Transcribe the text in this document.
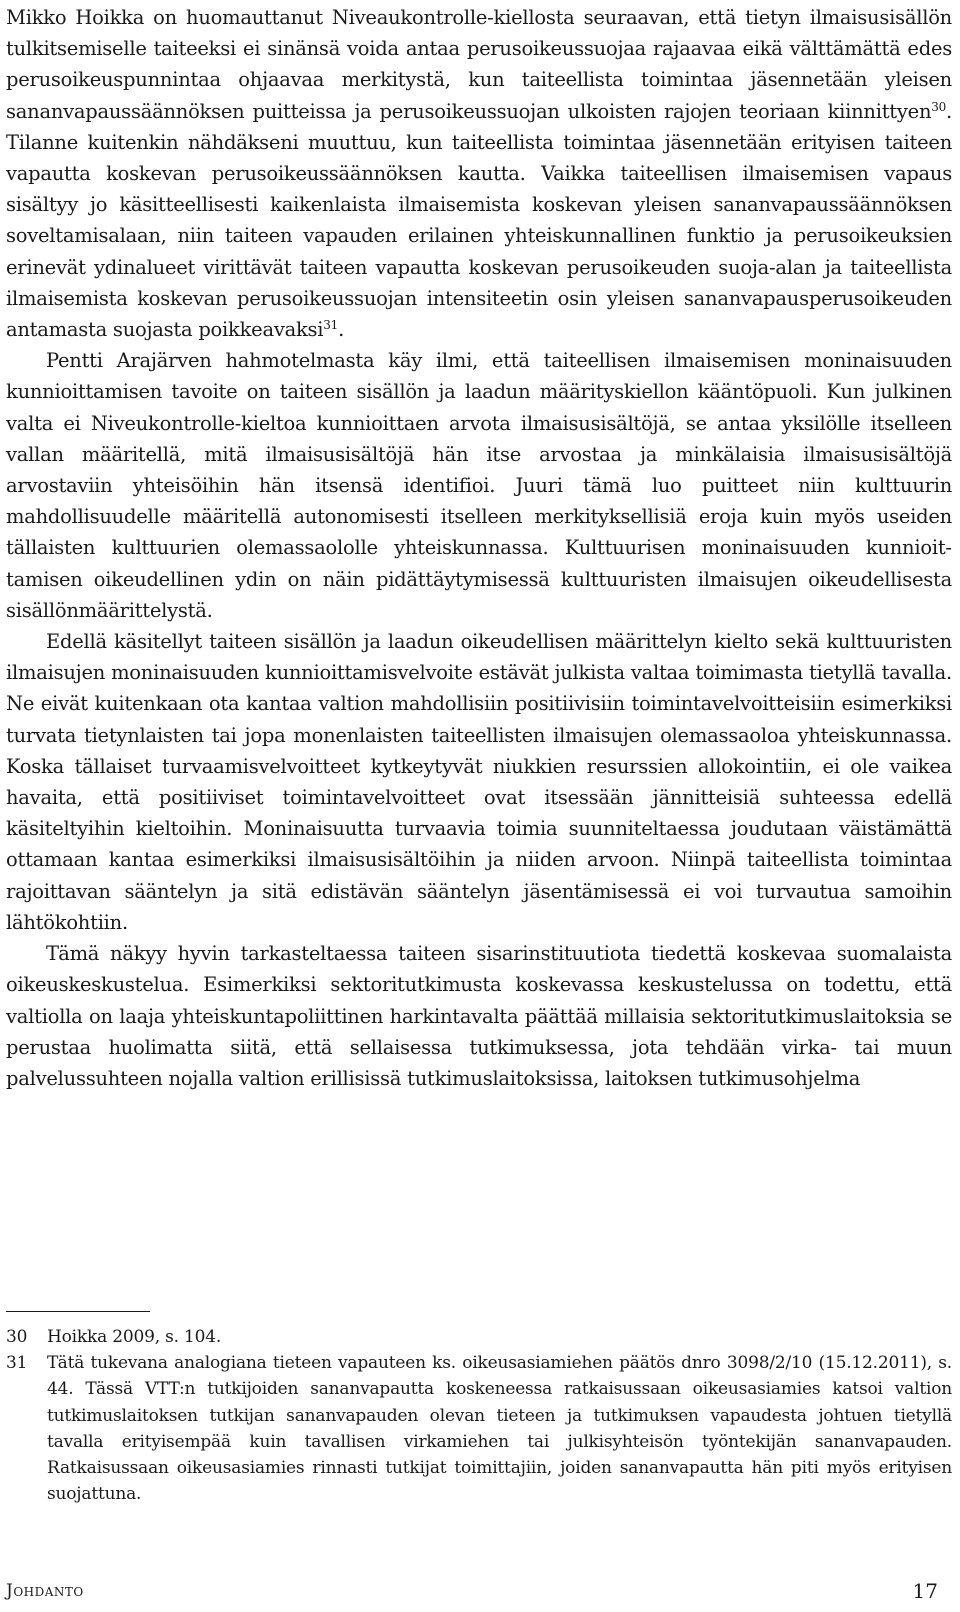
Mikko Hoikka on huomauttanut Niveaukontrolle-kiellosta seuraavan, että tietyn ilmaisusisällön tulkitsemiselle taiteeksi ei sinänsä voida antaa perusoikeussuojaa rajaavaa eikä välttämättä edes perusoikeuspunnintaa ohjaavaa merkitystä, kun taiteellista toimintaa jäsennetään yleisen sananvapaussäännöksen puitteissa ja perusoikeussuojan ulkoisten rajojen teoriaan kiinnittyen$^{30}$. Tilanne kuitenkin nähdäkseni muuttuu, kun taiteellista toimintaa jäsennetään erityisen taiteen vapautta koskevan perusoikeussäännöksen kautta. Vaikka taiteellisen ilmaisemisen vapaus sisältyy jo käsitteellisesti kaikenlaista ilmaisemista koskevan yleisen sananvapaussäännöksen soveltamisalaan, niin taiteen vapauden erilainen yhteiskunnallinen funktio ja perusoikeuksien erinevät ydinalueet virittävät taiteen vapautta koskevan perusoikeuden suoja-alan ja taiteellista ilmaisemista koskevan perusoikeussuojan intensiteetin osin yleisen sananvapausperusoikeuden antamasta suojasta poikkeavaksi$^{31}$.

Pentti Arajärven hahmotelmasta käy ilmi, että taiteellisen ilmaisemisen moninaisuuden kunnioittamisen tavoite on taiteen sisällön ja laadun määrityskiellon kääntöpuoli. Kun julkinen valta ei Niveukontrolle-kieltoa kunnioittaen arvota ilmaisusisältöjä, se antaa yksilölle itselleen vallan määritellä, mitä ilmaisusisältöjä hän itse arvostaa ja minkälaisia ilmaisusisältöjä arvostaviin yhteisöihin hän itsensä identifioi. Juuri tämä luo puitteet niin kulttuurin mahdollisuudelle määritellä autonomisesti itselleen merkityksellisiä eroja kuin myös useiden tällaisten kulttuurien olemassaololle yhteiskunnassa. Kulttuurisen moninaisuuden kunnioittamisen oikeudellinen ydin on näin pidättäytymisessä kulttuuristen ilmaisujen oikeudellisesta sisällönmäärittelystä.

Edellä käsitellyt taiteen sisällön ja laadun oikeudellisen määrittelyn kielto sekä kulttuuristen ilmaisujen moninaisuuden kunnioittamisvelvoite estävät julkista valtaa toimimasta tietyllä tavalla. Ne eivät kuitenkaan ota kantaa valtion mahdollisiin positiivisiin toimintavelvoitteisiin esimerkiksi turvata tietynlaisten tai jopa monenlaisten taiteellisten ilmaisujen olemassaoloa yhteiskunnassa. Koska tällaiset turvaamisvelvoitteet kytkeytyvät niukkien resurssien allokointiin, ei ole vaikea havaita, että positiiviset toimintavelvoitteet ovat itsessään jännitteisiä suhteessa edellä käsiteltyihin kieltoihin. Moninaisuutta turvaavia toimia suunniteltaessa joudutaan väistämättä ottamaan kantaa esimerkiksi ilmaisusisältöihin ja niiden arvoon. Niinpä taiteellista toimintaa rajoittavan sääntelyn ja sitä edistävän sääntelyn jäsentämisessä ei voi turvautua samoihin lähtökohtiin.

Tämä näkyy hyvin tarkasteltaessa taiteen sisarinstituutiota tiedettä koskevaa suomalaista oikeuskeskustelua. Esimerkiksi sektoritutkimusta koskevassa keskustelussa on todettu, että valtiolla on laaja yhteiskuntapoliittinen harkintavalta päättää millaisia sektoritutkimuslaitoksia se perustaa huolimatta siitä, että sellaisessa tutkimuksessa, jota tehdään virka- tai muun palvelussuhteen nojalla valtion erillisissä tutkimuslaitoksissa, laitoksen tutkimusohjelma

30	Hoikka 2009, s. 104.
31	Tätä tukevana analogiana tieteen vapauteen ks. oikeusasiamiehen päätös dnro 3098/2/10 (15.12.2011), s. 44. Tässä VTT:n tutkijoiden sananvapautta koskeneessa ratkaisussaan oikeusasiamies katsoi valtion tutkimuslaitoksen tutkijan sananvapauden olevan tieteen ja tutkimuksen vapaudesta johtuen tietyllä tavalla erityisempää kuin tavallisen virkamiehen tai julkisyhteisön työntekijän sananvapauden. Ratkaisussaan oikeusasiamies rinnasti tutkijat toimittajiin, joiden sananvapautta hän piti myös erityisen suojattuna.
Johdanto	17
